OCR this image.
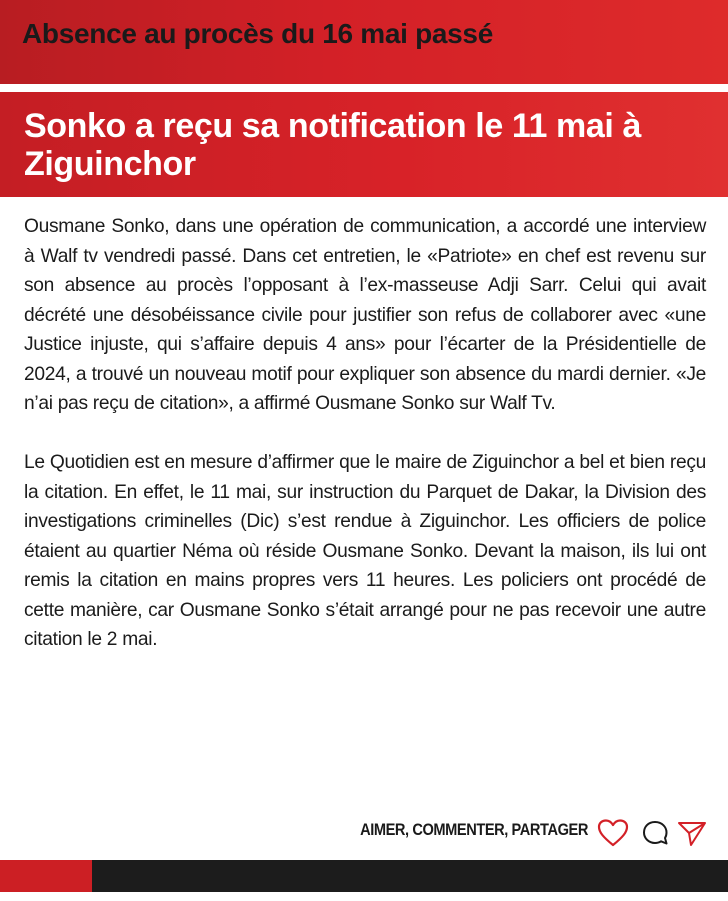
Absence au procès du 16 mai passé
Sonko a reçu sa notification le 11 mai à Ziguinchor

Ousmane Sonko, dans une opération de communication, a accordé une interview à Walf tv vendredi passé. Dans cet entretien, le «Patriote» en chef est revenu sur son absence au procès l’opposant à l’ex-masseuse Adji Sarr. Celui qui avait décrété une désobéissance civile pour justifier son refus de collaborer avec «une Justice injuste, qui s’affaire depuis 4 ans» pour l’écarter de la Présidentielle de 2024, a trouvé un nouveau motif pour expliquer son absence du mardi dernier. «Je n’ai pas reçu de citation», a affirmé Ousmane Sonko sur Walf Tv.

Le Quotidien est en mesure d’affirmer que le maire de Ziguinchor a bel et bien reçu la citation. En effet, le 11 mai, sur instruction du Parquet de Dakar, la Division des investigations criminelles (Dic) s’est rendue à Ziguinchor. Les officiers de police étaient au quartier Néma où réside Ousmane Sonko. Devant la maison, ils lui ont remis la citation en mains propres vers 11 heures. Les policiers ont procédé de cette manière, car Ousmane Sonko s’était arrangé pour ne pas recevoir une autre citation le 2 mai.

AIMER, COMMENTER, PARTAGER
